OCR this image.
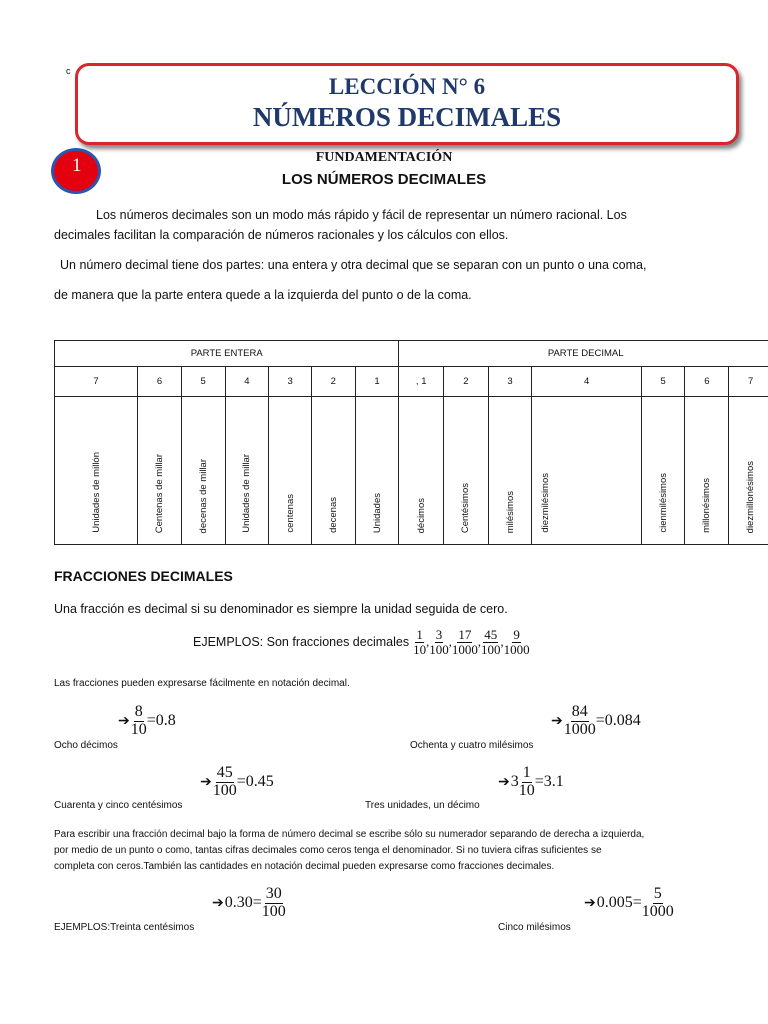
c
LECCIÓN N° 6
NÚMEROS DECIMALES
1	FUNDAMENTACIÓN
LOS NÚMEROS DECIMALES
Los números decimales son un modo más rápido y fácil de representar un número racional. Los
decimales facilitan la comparación de números racionales y los cálculos con ellos.
Un número decimal tiene dos partes: una entera y otra decimal que se separan con un punto o una coma,
de manera que la parte entera quede a la izquierda del punto o de la coma.
PARTE ENTERA							PARTE DECIMAL						
7	6	5	4	3	2	1	, 1	2	3	4	5	6	7
Unidades de millón	Centenas de millar	decenas de millar	Unidades de millar	centenas	decenas	Unidades	décimos	Centésimos	milésimos	diezmilésimos	cienmilésimos	millonésimos	diezmillonésimos
FRACCIONES DECIMALES
Una fracción es decimal si su denominador es siempre la unidad seguida de cero.
EJEMPLOS: Son fracciones decimales $\frac{1}{10}$ , $\frac{3}{100}$ , $\frac{17}{1000}$ , $\frac{45}{100}$ , $\frac{9}{1000}$
Las fracciones pueden expresarse fácilmente en notación decimal.
➔ $\frac{8}{10} = 0.8$
Ocho décimos
➔ $\frac{84}{1000} = 0.084$
Ochenta y cuatro milésimos
➔ $\frac{45}{100} = 0.45$
Cuarenta y cinco centésimos
➔ $3 \frac{1}{10} = 3.1$
Tres unidades, un décimo
Para escribir una fracción decimal bajo la forma de número decimal se escribe sólo su numerador separando de derecha a izquierda,
por medio de un punto o como, tantas cifras decimales como ceros tenga el denominador. Si no tuviera cifras suficientes se
completa con ceros.También las cantidades en notación decimal pueden expresarse como fracciones decimales.
➔ $0.30 = \frac{30}{100}$
EJEMPLOS:Treinta centésimos
➔ $0.005 = \frac{5}{1000}$
Cinco milésimos
